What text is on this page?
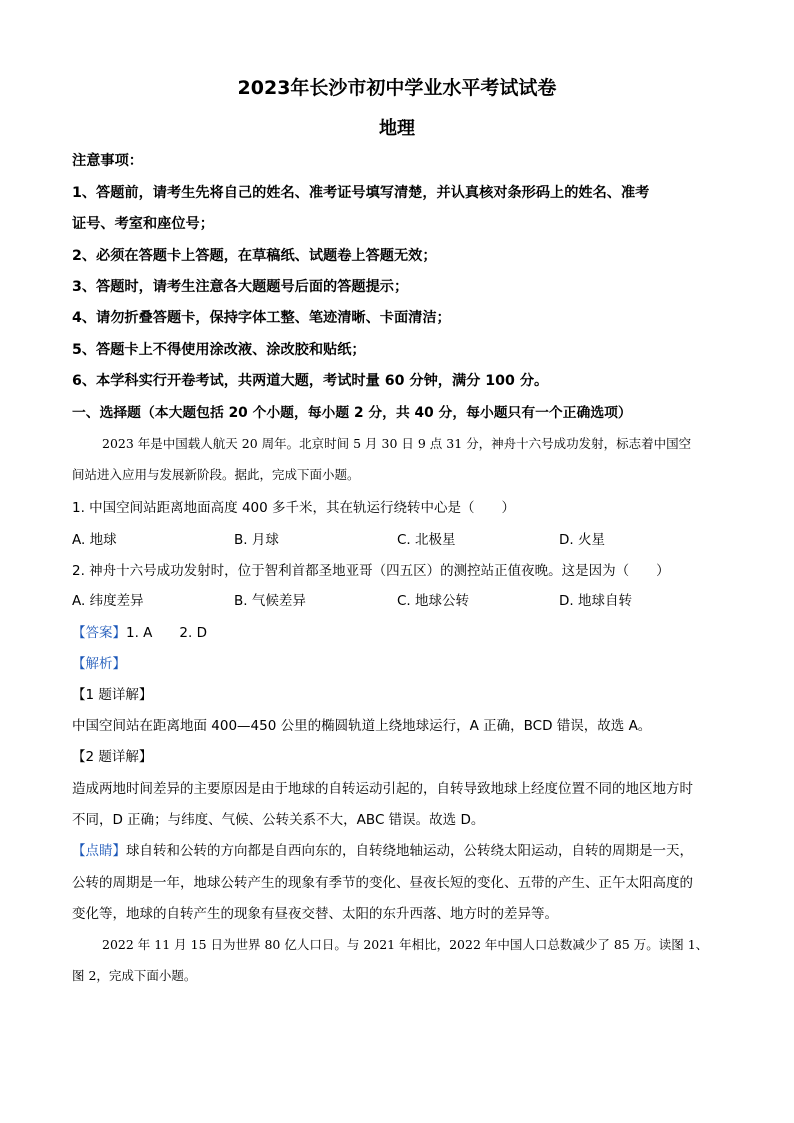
2023年长沙市初中学业水平考试试卷
地理
注意事项：
1、答题前，请考生先将自己的姓名、准考证号填写清楚，并认真核对条形码上的姓名、准考
证号、考室和座位号；
2、必须在答题卡上答题，在草稿纸、试题卷上答题无效；
3、答题时，请考生注意各大题题号后面的答题提示；
4、请勿折叠答题卡，保持字体工整、笔迹清晰、卡面清洁；
5、答题卡上不得使用涂改液、涂改胶和贴纸；
6、本学科实行开卷考试，共两道大题，考试时量 60 分钟，满分 100 分。
一、选择题（本大题包括 20 个小题，每小题 2 分，共 40 分，每小题只有一个正确选项）
2023 年是中国载人航天 20 周年。北京时间 5 月 30 日 9 点 31 分，神舟十六号成功发射，标志着中国空
间站进入应用与发展新阶段。据此，完成下面小题。
1. 中国空间站距离地面高度 400 多千米，其在轨运行绕转中心是（　　）
A. 地球	B. 月球	C. 北极星	D. 火星
2. 神舟十六号成功发射时，位于智利首都圣地亚哥（四五区）的测控站正值夜晚。这是因为（　　）
A. 纬度差异	B. 气候差异	C. 地球公转	D. 地球自转
【答案】1. A　　2. D
【解析】
【1 题详解】
中国空间站在距离地面 400—450 公里的椭圆轨道上绕地球运行，A 正确，BCD 错误，故选 A。
【2 题详解】
造成两地时间差异的主要原因是由于地球的自转运动引起的，自转导致地球上经度位置不同的地区地方时
不同，D 正确；与纬度、气候、公转关系不大，ABC 错误。故选 D。
【点睛】球自转和公转的方向都是自西向东的，自转绕地轴运动，公转绕太阳运动，自转的周期是一天，
公转的周期是一年，地球公转产生的现象有季节的变化、昼夜长短的变化、五带的产生、正午太阳高度的
变化等，地球的自转产生的现象有昼夜交替、太阳的东升西落、地方时的差异等。
2022 年 11 月 15 日为世界 80 亿人口日。与 2021 年相比，2022 年中国人口总数减少了 85 万。读图 1、
图 2，完成下面小题。
